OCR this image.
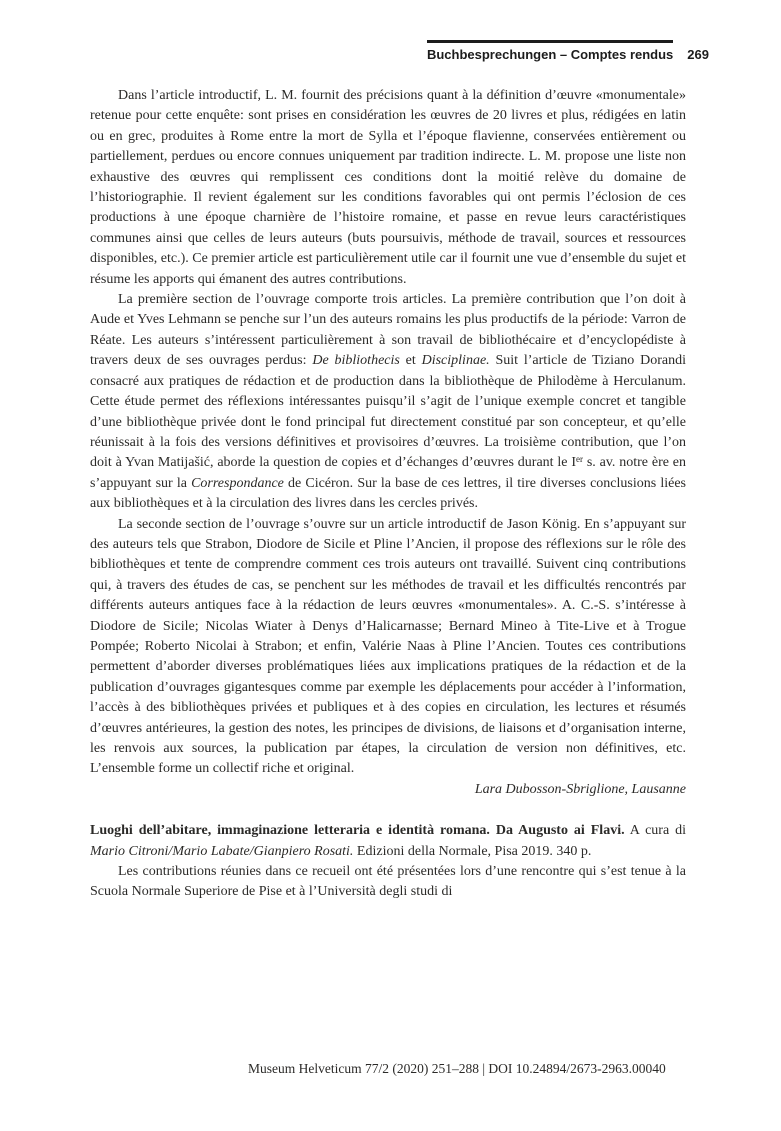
Buchbesprechungen – Comptes rendus 269

Dans l’article introductif, L. M. fournit des précisions quant à la définition d’œuvre «monumentale» retenue pour cette enquête: sont prises en considération les œuvres de 20 livres et plus, rédigées en latin ou en grec, produites à Rome entre la mort de Sylla et l’époque flavienne, conservées entièrement ou partiellement, perdues ou encore connues uniquement par tradition indirecte. L. M. propose une liste non exhaustive des œuvres qui remplissent ces conditions dont la moitié relève du domaine de l’historiographie. Il revient également sur les conditions favorables qui ont permis l’éclosion de ces productions à une époque charnière de l’histoire romaine, et passe en revue leurs caractéristiques communes ainsi que celles de leurs auteurs (buts poursuivis, méthode de travail, sources et ressources disponibles, etc.). Ce premier article est particulièrement utile car il fournit une vue d’ensemble du sujet et résume les apports qui émanent des autres contributions.

La première section de l’ouvrage comporte trois articles. La première contribution que l’on doit à Aude et Yves Lehmann se penche sur l’un des auteurs romains les plus productifs de la période: Varron de Réate. Les auteurs s’intéressent particulièrement à son travail de bibliothécaire et d’encyclopédiste à travers deux de ses ouvrages perdus: De bibliothecis et Disciplinae. Suit l’article de Tiziano Dorandi consacré aux pratiques de rédaction et de production dans la bibliothèque de Philodème à Herculanum. Cette étude permet des réflexions intéressantes puisqu’il s’agit de l’unique exemple concret et tangible d’une bibliothèque privée dont le fond principal fut directement constitué par son concepteur, et qu’elle réunissait à la fois des versions définitives et provisoires d’œuvres. La troisième contribution, que l’on doit à Yvan Matijašić, aborde la question de copies et d’échanges d’œuvres durant le Ier s. av. notre ère en s’appuyant sur la Correspondance de Cicéron. Sur la base de ces lettres, il tire diverses conclusions liées aux bibliothèques et à la circulation des livres dans les cercles privés.

La seconde section de l’ouvrage s’ouvre sur un article introductif de Jason König. En s’appuyant sur des auteurs tels que Strabon, Diodore de Sicile et Pline l’Ancien, il propose des réflexions sur le rôle des bibliothèques et tente de comprendre comment ces trois auteurs ont travaillé. Suivent cinq contributions qui, à travers des études de cas, se penchent sur les méthodes de travail et les difficultés rencontrés par différents auteurs antiques face à la rédaction de leurs œuvres «monumentales». A. C.-S. s’intéresse à Diodore de Sicile; Nicolas Wiater à Denys d’Halicarnasse; Bernard Mineo à Tite-Live et à Trogue Pompée; Roberto Nicolai à Strabon; et enfin, Valérie Naas à Pline l’Ancien. Toutes ces contributions permettent d’aborder diverses problématiques liées aux implications pratiques de la rédaction et de la publication d’ouvrages gigantesques comme par exemple les déplacements pour accéder à l’information, l’accès à des bibliothèques privées et publiques et à des copies en circulation, les lectures et résumés d’œuvres antérieures, la gestion des notes, les principes de divisions, de liaisons et d’organisation interne, les renvois aux sources, la publication par étapes, la circulation de version non définitives, etc. L’ensemble forme un collectif riche et original.

Lara Dubosson-Sbriglione, Lausanne

Luoghi dell’abitare, immaginazione letteraria e identità romana. Da Augusto ai Flavi. A cura di Mario Citroni/Mario Labate/Gianpiero Rosati. Edizioni della Normale, Pisa 2019. 340 p.

Les contributions réunies dans ce recueil ont été présentées lors d’une rencontre qui s’est tenue à la Scuola Normale Superiore de Pise et à l’Università degli studi di

Museum Helveticum 77/2 (2020) 251–288 | DOI 10.24894/2673-2963.00040
